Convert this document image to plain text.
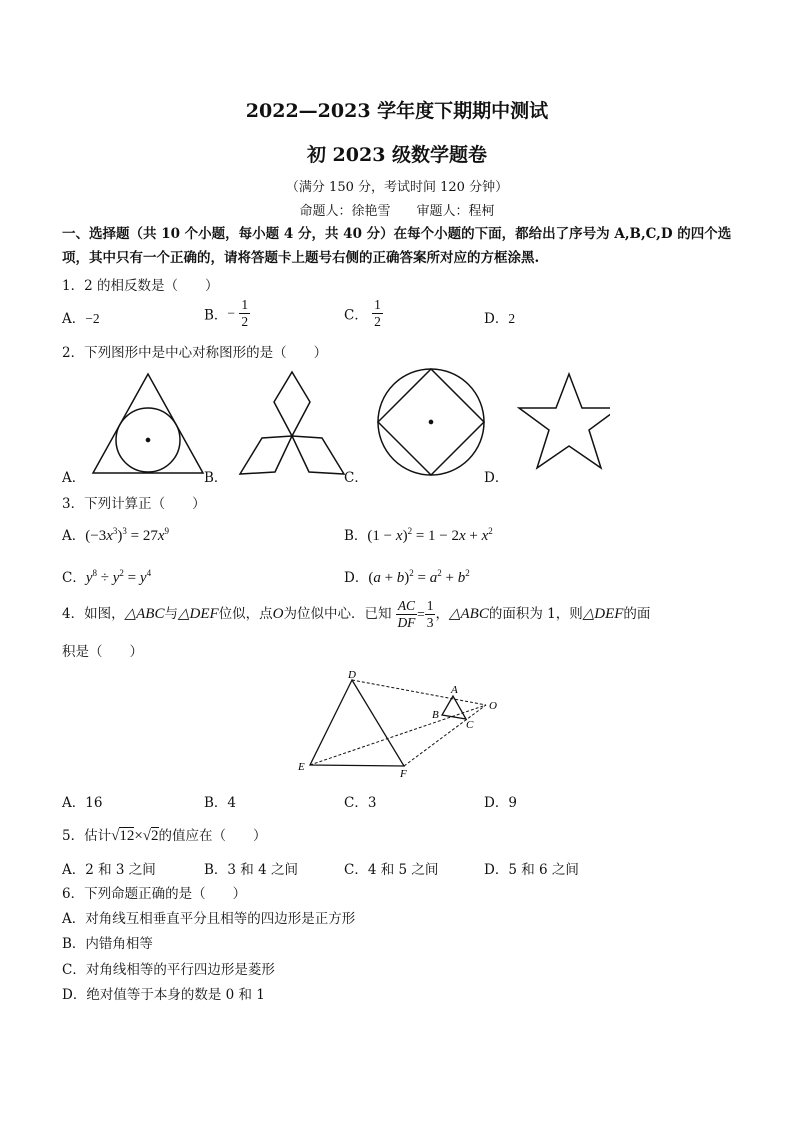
2022—2023 学年度下期期中测试
初 2023 级数学题卷
（满分 150 分，考试时间 120 分钟）
命题人：徐艳雪　　审题人：程柯
一、选择题（共 10 个小题，每小题 4 分，共 40 分）在每个小题的下面，都给出了序号为 A,B,C,D 的四个选项，其中只有一个正确的，请将答题卡上题号右侧的正确答案所对应的方框涂黑.
1．2 的相反数是（　　）
A．−2	B．− $\frac{1}{2}$	C． $\frac{1}{2}$	D．2
2．下列图形中是中心对称图形的是（　　）
A．	B．	C．	D．
3．下列计算正（　　）
A．$(-3x^3)^3 = 27x^9$	B．$(1 - x)^2 = 1 - 2x + x^2$
C．$y^8 \div y^2 = y^4$	D．$(a + b)^2 = a^2 + b^2$
4．如图，△ABC与△DEF位似，点O为位似中心．已知 $\frac{AC}{DF} = \frac{1}{3}$ ，△ABC的面积为 1，则△DEF的面
积是（　　）
D
A
O
B
C
E
F
A．16	B．4	C．3	D．9
5．估计√12×√2的值应在（　　）
A．2 和 3 之间	B．3 和 4 之间	C．4 和 5 之间	D．5 和 6 之间
6．下列命题正确的是（　　）
A．对角线互相垂直平分且相等的四边形是正方形
B．内错角相等
C．对角线相等的平行四边形是菱形
D．绝对值等于本身的数是 0 和 1
